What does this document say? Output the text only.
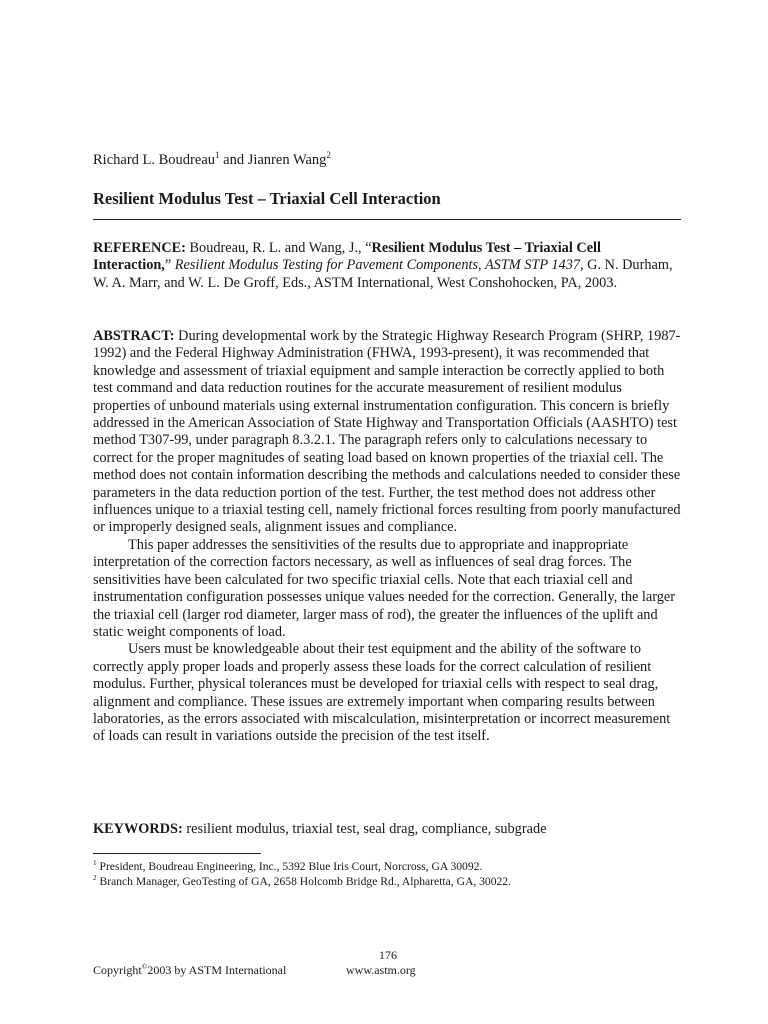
Richard L. Boudreau$^1$ and Jianren Wang$^2$
Resilient Modulus Test – Triaxial Cell Interaction

REFERENCE: Boudreau, R. L. and Wang, J., “Resilient Modulus Test – Triaxial Cell Interaction,” Resilient Modulus Testing for Pavement Components, ASTM STP 1437, G. N. Durham, W. A. Marr, and W. L. De Groff, Eds., ASTM International, West Conshohocken, PA, 2003.

ABSTRACT: During developmental work by the Strategic Highway Research Program (SHRP, 1987-1992) and the Federal Highway Administration (FHWA, 1993-present), it was recommended that knowledge and assessment of triaxial equipment and sample interaction be correctly applied to both test command and data reduction routines for the accurate measurement of resilient modulus properties of unbound materials using external instrumentation configuration. This concern is briefly addressed in the American Association of State Highway and Transportation Officials (AASHTO) test method T307-99, under paragraph 8.3.2.1. The paragraph refers only to calculations necessary to correct for the proper magnitudes of seating load based on known properties of the triaxial cell. The method does not contain information describing the methods and calculations needed to consider these parameters in the data reduction portion of the test. Further, the test method does not address other influences unique to a triaxial testing cell, namely frictional forces resulting from poorly manufactured or improperly designed seals, alignment issues and compliance.

This paper addresses the sensitivities of the results due to appropriate and inappropriate interpretation of the correction factors necessary, as well as influences of seal drag forces. The sensitivities have been calculated for two specific triaxial cells. Note that each triaxial cell and instrumentation configuration possesses unique values needed for the correction. Generally, the larger the triaxial cell (larger rod diameter, larger mass of rod), the greater the influences of the uplift and static weight components of load.

Users must be knowledgeable about their test equipment and the ability of the software to correctly apply proper loads and properly assess these loads for the correct calculation of resilient modulus. Further, physical tolerances must be developed for triaxial cells with respect to seal drag, alignment and compliance. These issues are extremely important when comparing results between laboratories, as the errors associated with miscalculation, misinterpretation or incorrect measurement of loads can result in variations outside the precision of the test itself.

KEYWORDS: resilient modulus, triaxial test, seal drag, compliance, subgrade

$^1$ President, Boudreau Engineering, Inc., 5392 Blue Iris Court, Norcross, GA 30092.

$^2$ Branch Manager, GeoTesting of GA, 2658 Holcomb Bridge Rd., Alpharetta, GA, 30022.

176
Copyright©2003 by ASTM International	www.astm.org
